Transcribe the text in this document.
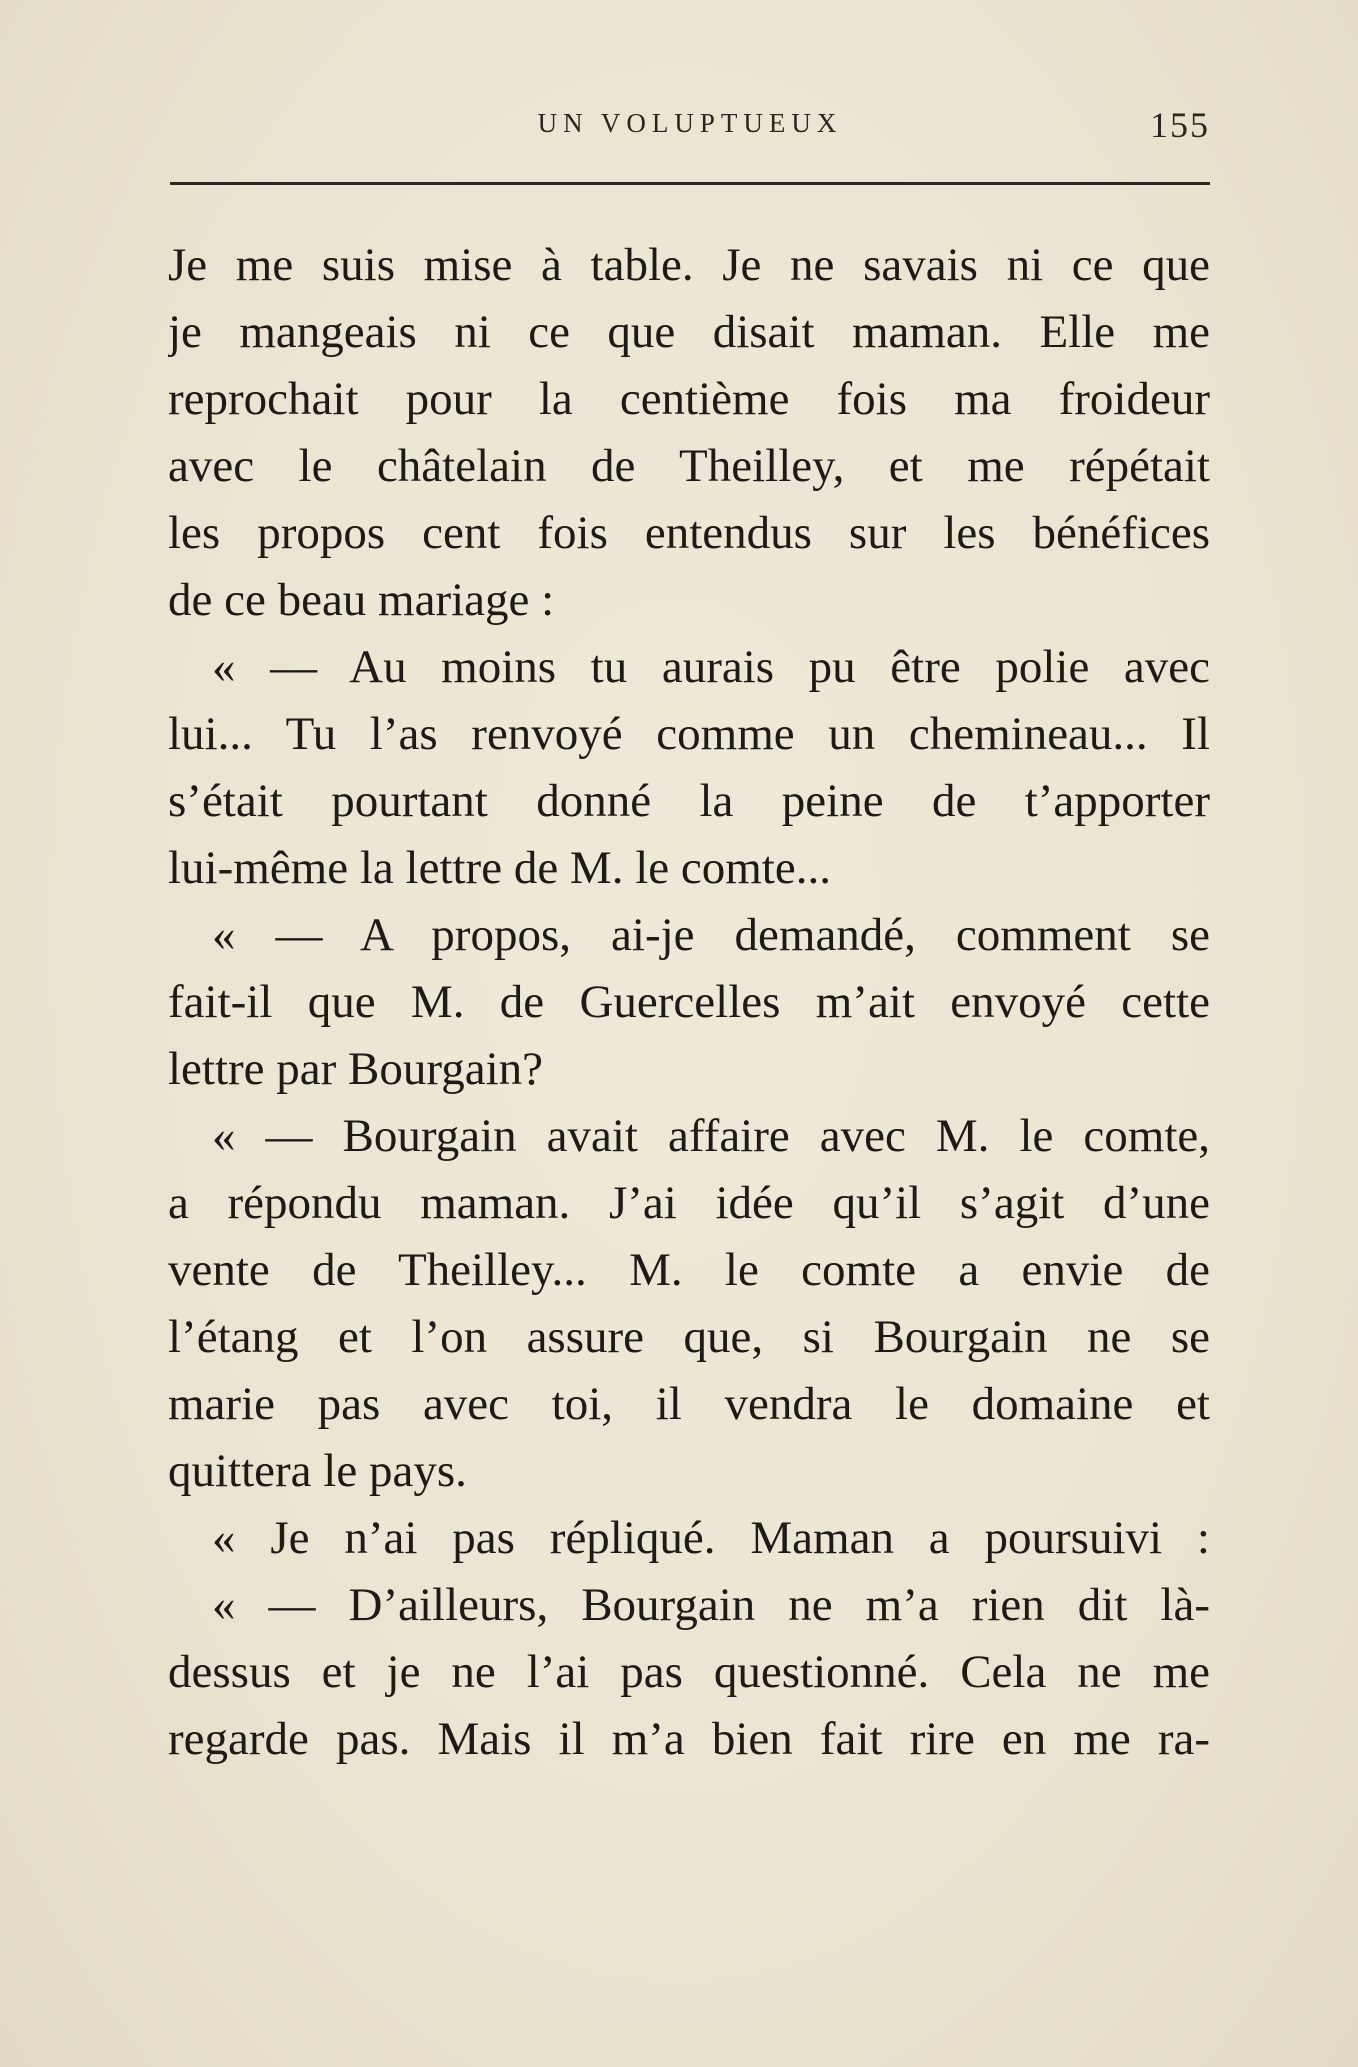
UN VOLUPTUEUX	155
Je me suis mise à table. Je ne savais ni ce que
je mangeais ni ce que disait maman. Elle me
reprochait pour la centième fois ma froideur
avec le châtelain de Theilley, et me répétait
les propos cent fois entendus sur les bénéfices
de ce beau mariage :
« — Au moins tu aurais pu être polie avec
lui... Tu l’as renvoyé comme un chemineau... Il
s’était pourtant donné la peine de t’apporter
lui-même la lettre de M. le comte...
« — A propos, ai-je demandé, comment se
fait-il que M. de Guercelles m’ait envoyé cette
lettre par Bourgain?
« — Bourgain avait affaire avec M. le comte,
a répondu maman. J’ai idée qu’il s’agit d’une
vente de Theilley... M. le comte a envie de
l’étang et l’on assure que, si Bourgain ne se
marie pas avec toi, il vendra le domaine et
quittera le pays.
« Je n’ai pas répliqué. Maman a poursuivi :
« — D’ailleurs, Bourgain ne m’a rien dit là-
dessus et je ne l’ai pas questionné. Cela ne me
regarde pas. Mais il m’a bien fait rire en me ra-
